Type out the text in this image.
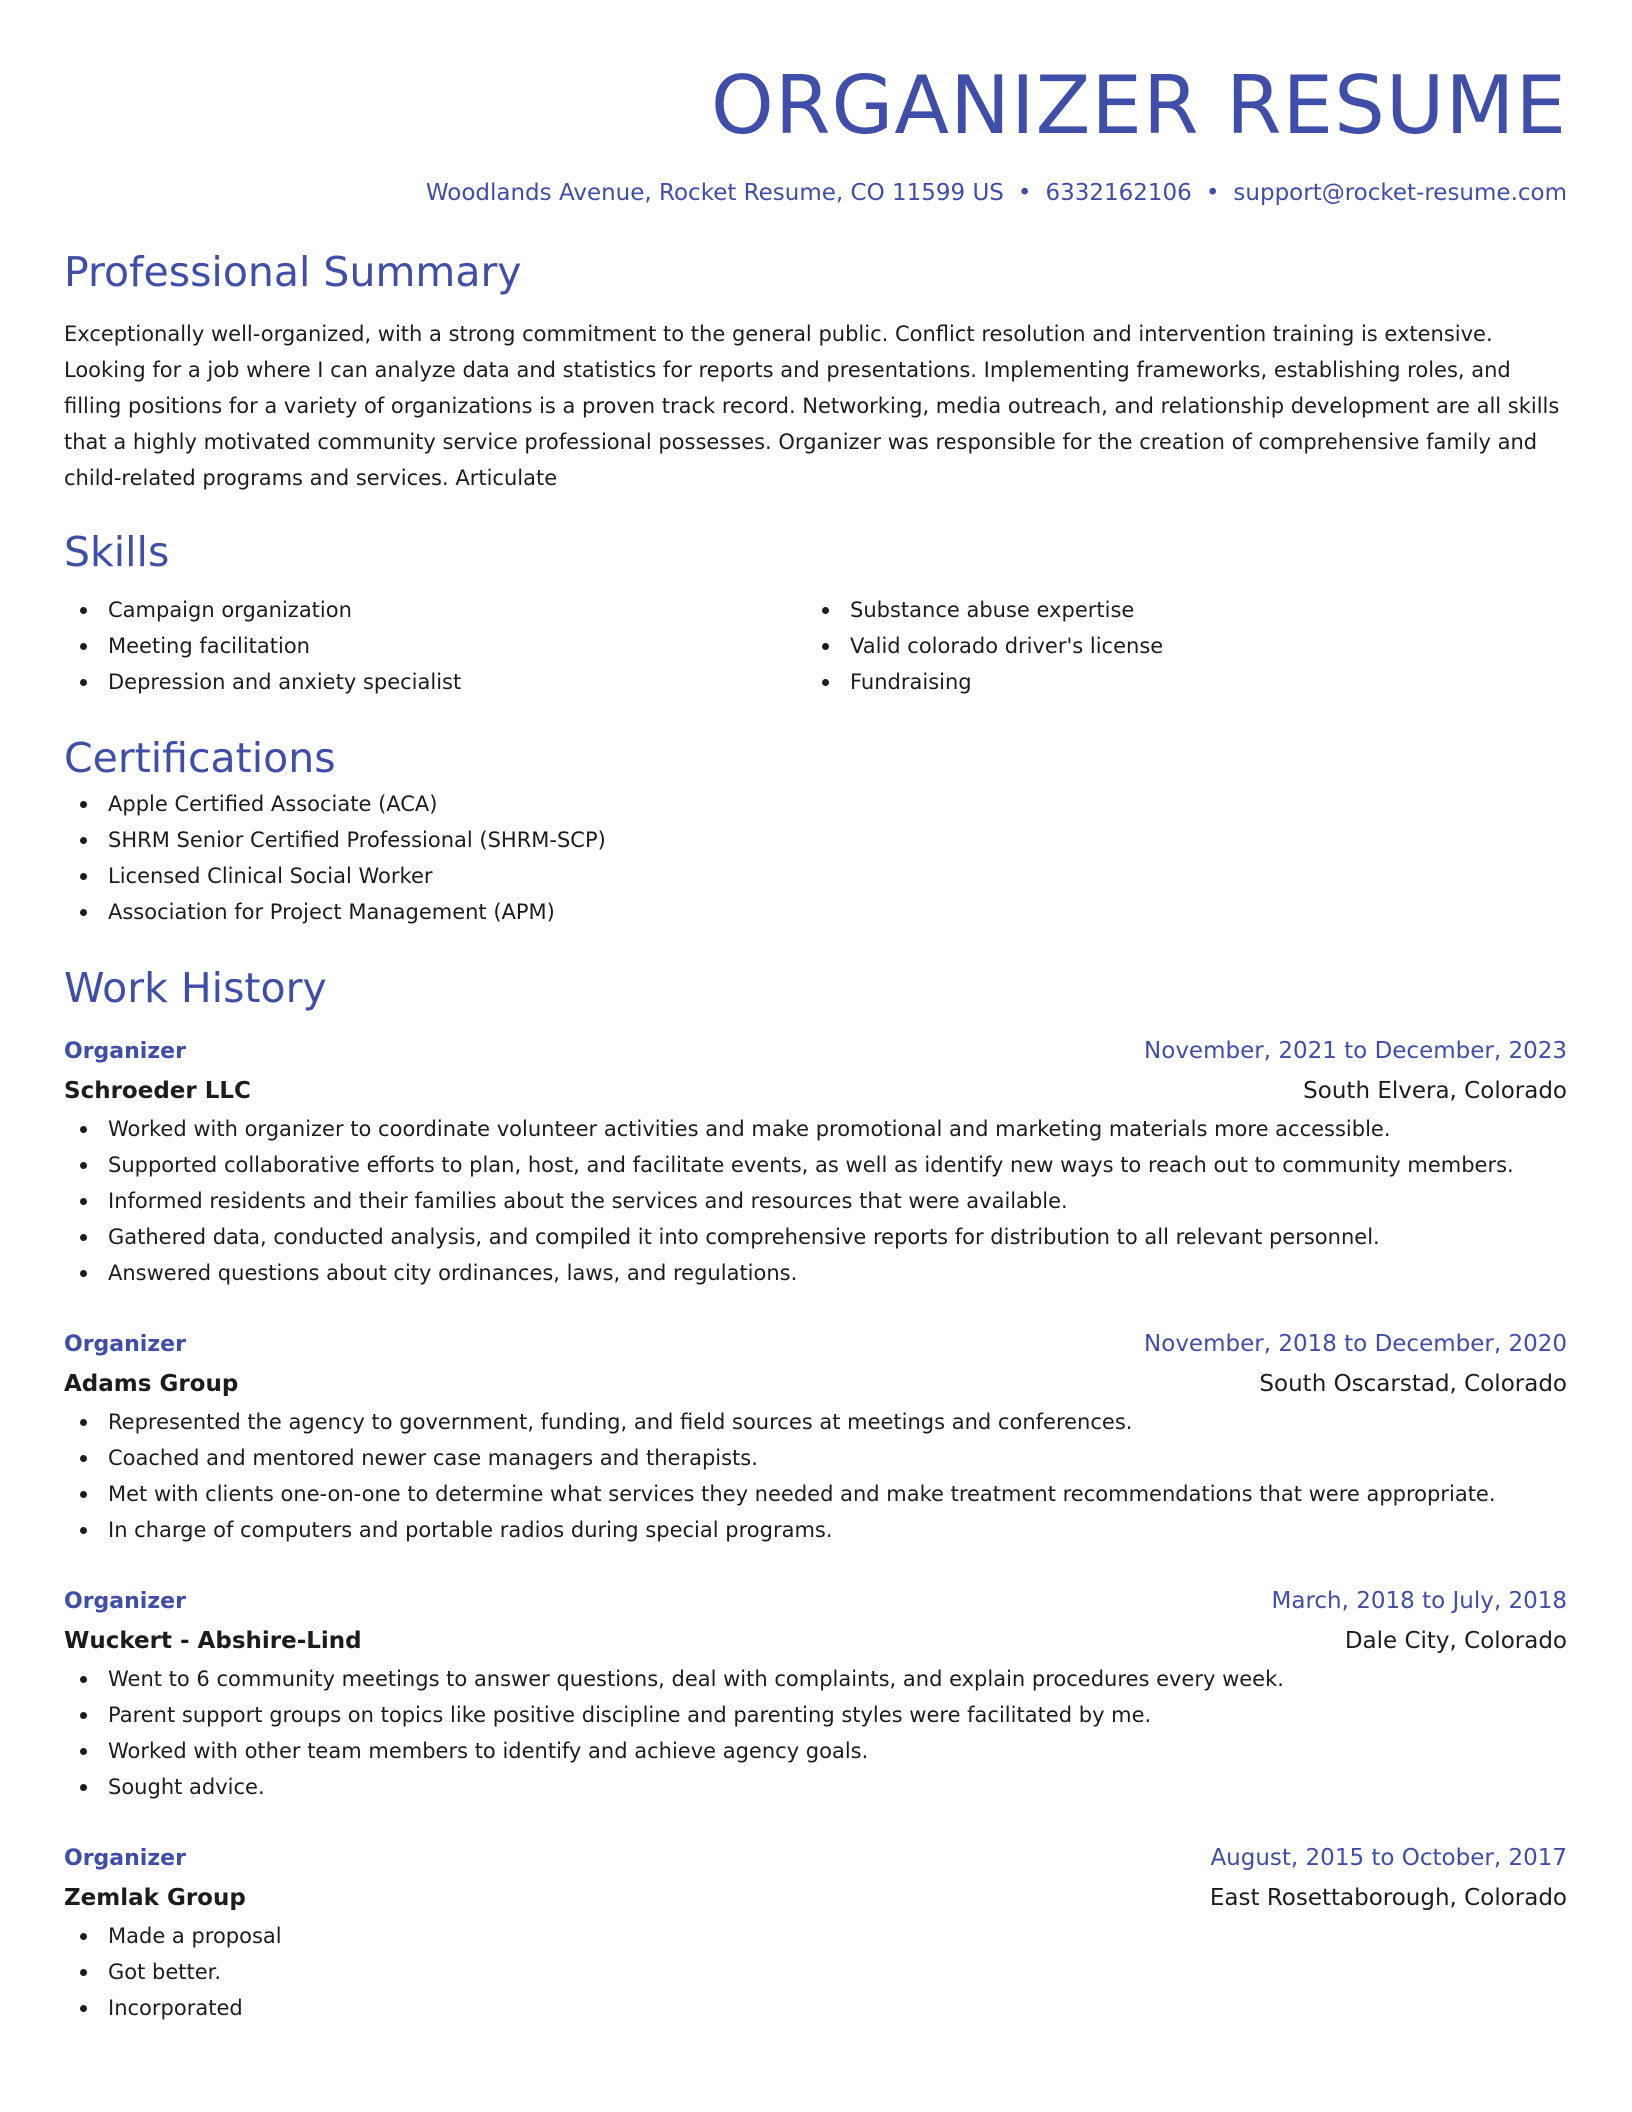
ORGANIZER RESUME
Woodlands Avenue, Rocket Resume, CO 11599 US • 6332162106 • support@rocket-resume.com
Professional Summary

Exceptionally well-organized, with a strong commitment to the general public. Conflict resolution and intervention training is extensive. Looking for a job where I can analyze data and statistics for reports and presentations. Implementing frameworks, establishing roles, and filling positions for a variety of organizations is a proven track record. Networking, media outreach, and relationship development are all skills that a highly motivated community service professional possesses. Organizer was responsible for the creation of comprehensive family and child-related programs and services. Articulate

Skills
Campaign organization
Meeting facilitation
Depression and anxiety specialist
Substance abuse expertise
Valid colorado driver's license
Fundraising
Certifications
Apple Certified Associate (ACA)
SHRM Senior Certified Professional (SHRM-SCP)
Licensed Clinical Social Worker
Association for Project Management (APM)
Work History
Organizer	November, 2021 to December, 2023
Schroeder LLC	South Elvera, Colorado
Worked with organizer to coordinate volunteer activities and make promotional and marketing materials more accessible.
Supported collaborative efforts to plan, host, and facilitate events, as well as identify new ways to reach out to community members.
Informed residents and their families about the services and resources that were available.
Gathered data, conducted analysis, and compiled it into comprehensive reports for distribution to all relevant personnel.
Answered questions about city ordinances, laws, and regulations.
Organizer	November, 2018 to December, 2020
Adams Group	South Oscarstad, Colorado
Represented the agency to government, funding, and field sources at meetings and conferences.
Coached and mentored newer case managers and therapists.
Met with clients one-on-one to determine what services they needed and make treatment recommendations that were appropriate.
In charge of computers and portable radios during special programs.
Organizer	March, 2018 to July, 2018
Wuckert - Abshire-Lind	Dale City, Colorado
Went to 6 community meetings to answer questions, deal with complaints, and explain procedures every week.
Parent support groups on topics like positive discipline and parenting styles were facilitated by me.
Worked with other team members to identify and achieve agency goals.
Sought advice.
Organizer	August, 2015 to October, 2017
Zemlak Group	East Rosettaborough, Colorado
Made a proposal
Got better.
Incorporated
